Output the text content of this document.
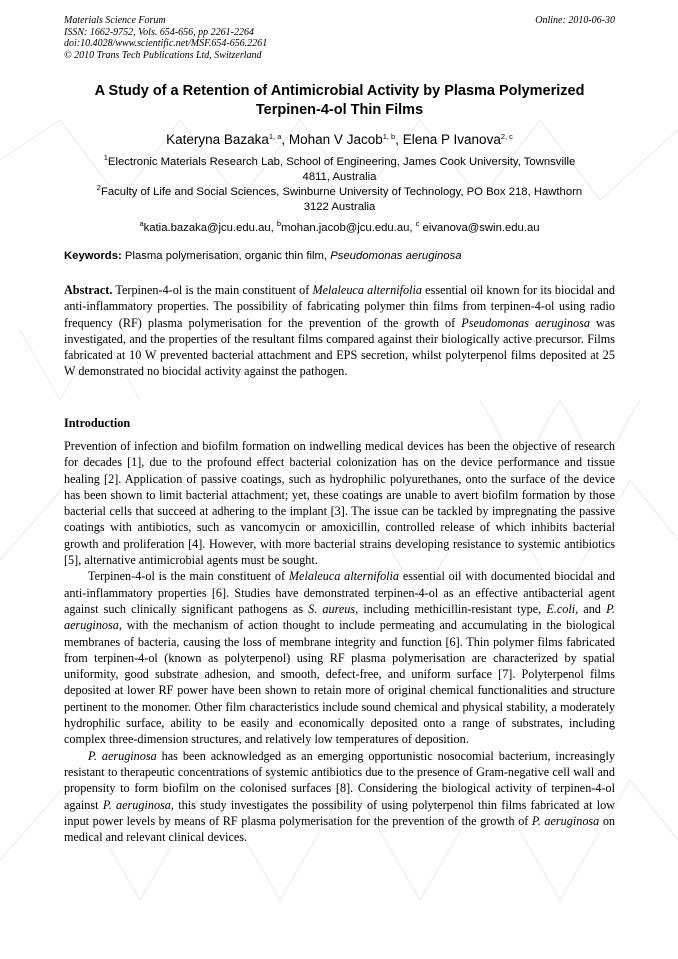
Materials Science Forum
ISSN: 1662-9752, Vols. 654-656, pp 2261-2264
doi:10.4028/www.scientific.net/MSF.654-656.2261
© 2010 Trans Tech Publications Ltd, Switzerland
Online: 2010-06-30
A Study of a Retention of Antimicrobial Activity by Plasma Polymerized
Terpinen-4-ol Thin Films
Kateryna Bazaka$^{1, a}$, Mohan V Jacob$^{1, b}$, Elena P Ivanova$^{2, c}$
$^1$Electronic Materials Research Lab, School of Engineering, James Cook University, Townsville
4811, Australia
$^2$Faculty of Life and Social Sciences, Swinburne University of Technology, PO Box 218, Hawthorn
3122 Australia
$^a$katia.bazaka@jcu.edu.au, $^b$mohan.jacob@jcu.edu.au, $^c$ eivanova@swin.edu.au
Keywords: Plasma polymerisation, organic thin film, Pseudomonas aeruginosa
Abstract. Terpinen-4-ol is the main constituent of Melaleuca alternifolia essential oil known for its biocidal and anti-inflammatory properties. The possibility of fabricating polymer thin films from terpinen-4-ol using radio frequency (RF) plasma polymerisation for the prevention of the growth of Pseudomonas aeruginosa was investigated, and the properties of the resultant films compared against their biologically active precursor. Films fabricated at 10 W prevented bacterial attachment and EPS secretion, whilst polyterpenol films deposited at 25 W demonstrated no biocidal activity against the pathogen.
Introduction

Prevention of infection and biofilm formation on indwelling medical devices has been the objective of research for decades [1], due to the profound effect bacterial colonization has on the device performance and tissue healing [2]. Application of passive coatings, such as hydrophilic polyurethanes, onto the surface of the device has been shown to limit bacterial attachment; yet, these coatings are unable to avert biofilm formation by those bacterial cells that succeed at adhering to the implant [3]. The issue can be tackled by impregnating the passive coatings with antibiotics, such as vancomycin or amoxicillin, controlled release of which inhibits bacterial growth and proliferation [4]. However, with more bacterial strains developing resistance to systemic antibiotics [5], alternative antimicrobial agents must be sought.

Terpinen-4-ol is the main constituent of Melaleuca alternifolia essential oil with documented biocidal and anti-inflammatory properties [6]. Studies have demonstrated terpinen-4-ol as an effective antibacterial agent against such clinically significant pathogens as S. aureus, including methicillin-resistant type, E.coli, and P. aeruginosa, with the mechanism of action thought to include permeating and accumulating in the biological membranes of bacteria, causing the loss of membrane integrity and function [6]. Thin polymer films fabricated from terpinen-4-ol (known as polyterpenol) using RF plasma polymerisation are characterized by spatial uniformity, good substrate adhesion, and smooth, defect-free, and uniform surface [7]. Polyterpenol films deposited at lower RF power have been shown to retain more of original chemical functionalities and structure pertinent to the monomer. Other film characteristics include sound chemical and physical stability, a moderately hydrophilic surface, ability to be easily and economically deposited onto a range of substrates, including complex three-dimension structures, and relatively low temperatures of deposition.

P. aeruginosa has been acknowledged as an emerging opportunistic nosocomial bacterium, increasingly resistant to therapeutic concentrations of systemic antibiotics due to the presence of Gram-negative cell wall and propensity to form biofilm on the colonised surfaces [8]. Considering the biological activity of terpinen-4-ol against P. aeruginosa, this study investigates the possibility of using polyterpenol thin films fabricated at low input power levels by means of RF plasma polymerisation for the prevention of the growth of P. aeruginosa on medical and relevant clinical devices.
